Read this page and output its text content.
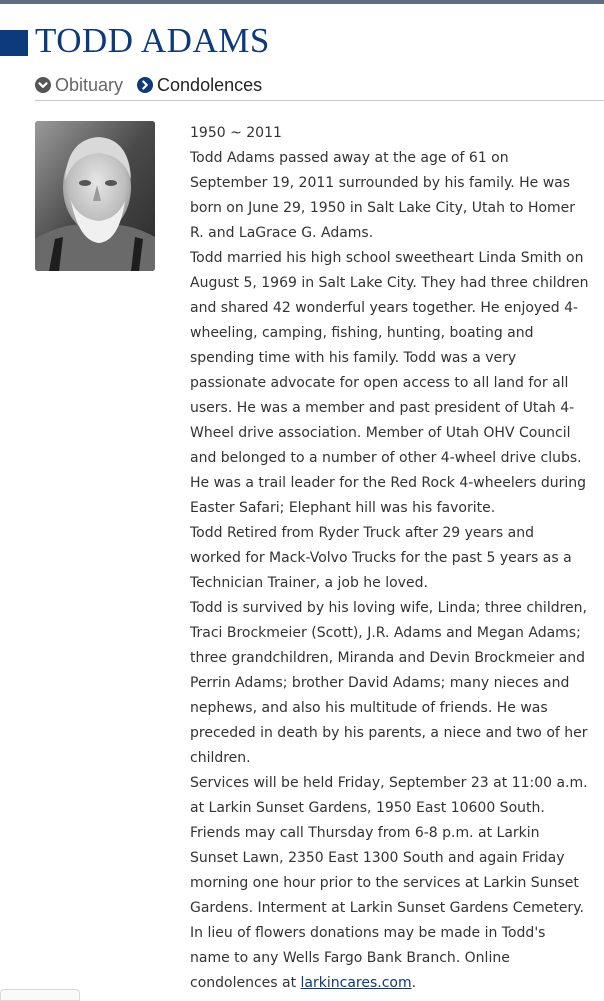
TODD ADAMS
Obituary Condolences

1950 ~ 2011

Todd Adams passed away at the age of 61 on
September 19, 2011 surrounded by his family. He was
born on June 29, 1950 in Salt Lake City, Utah to Homer
R. and LaGrace G. Adams.
Todd married his high school sweetheart Linda Smith on
August 5, 1969 in Salt Lake City. They had three children
and shared 42 wonderful years together. He enjoyed 4-
wheeling, camping, fishing, hunting, boating and
spending time with his family. Todd was a very
passionate advocate for open access to all land for all
users. He was a member and past president of Utah 4-
Wheel drive association. Member of Utah OHV Council
and belonged to a number of other 4-wheel drive clubs.
He was a trail leader for the Red Rock 4-wheelers during
Easter Safari; Elephant hill was his favorite.
Todd Retired from Ryder Truck after 29 years and
worked for Mack-Volvo Trucks for the past 5 years as a
Technician Trainer, a job he loved.
Todd is survived by his loving wife, Linda; three children,
Traci Brockmeier (Scott), J.R. Adams and Megan Adams;
three grandchildren, Miranda and Devin Brockmeier and
Perrin Adams; brother David Adams; many nieces and
nephews, and also his multitude of friends. He was
preceded in death by his parents, a niece and two of her
children.
Services will be held Friday, September 23 at 11:00 a.m.
at Larkin Sunset Gardens, 1950 East 10600 South.
Friends may call Thursday from 6-8 p.m. at Larkin
Sunset Lawn, 2350 East 1300 South and again Friday
morning one hour prior to the services at Larkin Sunset
Gardens. Interment at Larkin Sunset Gardens Cemetery.
In lieu of flowers donations may be made in Todd's
name to any Wells Fargo Bank Branch. Online

condolences at larkincares.com.
